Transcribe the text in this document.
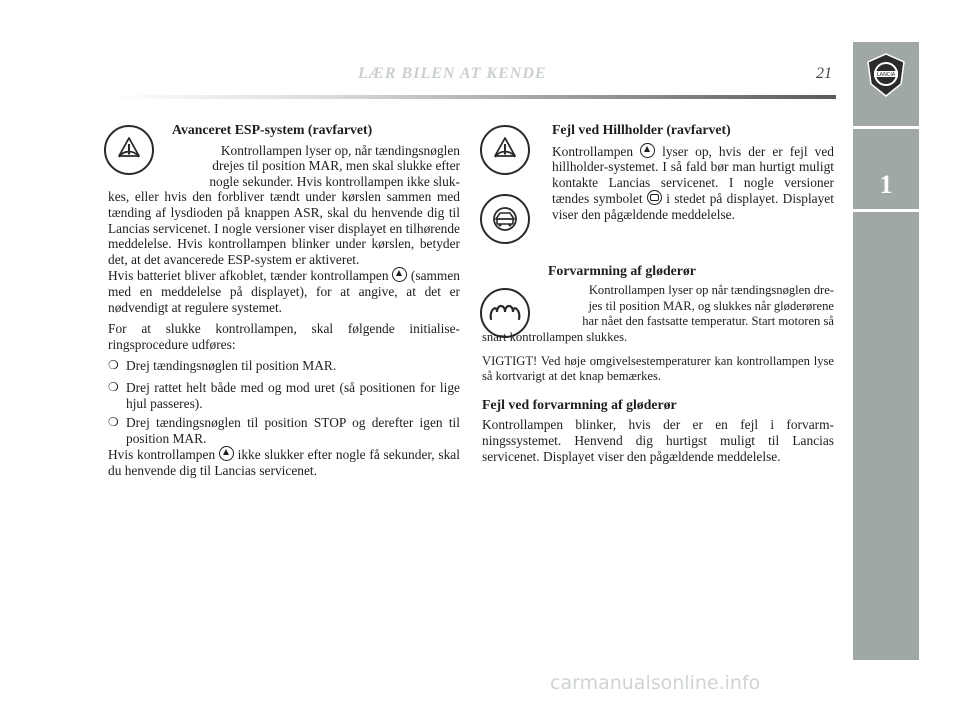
LANCIA
1
LÆR BILEN AT KENDE	21

Avanceret ESP-system (ravfarvet)

Kontrollampen lyser op, når tændingsnøglen

drejes til position MAR, men skal slukke efter

nogle sekunder. Hvis kontrollampen ikke sluk-

kes, eller hvis den forbliver tændt under kørslen sammen med tænding af lysdioden på knappen ASR, skal du henvende dig til Lancias servicenet. I nogle versioner viser displayet en tilhørende meddelelse. Hvis kontrollampen blinker under kørslen, betyder det, at det avancerede ESP-system er aktiveret.

Hvis batteriet bliver afkoblet, tænder kontrollampen (sammen med en meddelelse på displayet), for at angive, at det er nødvendigt at regulere systemet.

For at slukke kontrollampen, skal følgende initialiseringsprocedure udføres:

❍ Drej tændingsnøglen til position MAR.
❍ Drej rattet helt både med og mod uret (så positionen for lige hjul passeres).
❍ Drej tændingsnøglen til position STOP og derefter igen til position MAR.

Hvis kontrollampen ikke slukker efter nogle få sekunder, skal du henvende dig til Lancias servicenet.

Fejl ved Hillholder (ravfarvet)

Kontrollampen lyser op, hvis der er fejl ved hillholder-systemet. I så fald bør man hurtigt muligt kontakte Lancias servicenet. I nogle versioner tændes symbolet i stedet på displayet. Displayet viser den pågældende meddelelse.

Forvarmning af gløderør

Kontrollampen lyser op når tændingsnøglen dre-

jes til position MAR, og slukkes når gløderørene

har nået den fastsatte temperatur. Start motoren så

snart kontrollampen slukkes.

VIGTIGT! Ved høje omgivelsestemperaturer kan kontrollampen lyse så kortvarigt at det knap bemærkes.

Fejl ved forvarmning af gløderør

Kontrollampen blinker, hvis der er en fejl i forvarmningssystemet. Henvend dig hurtigst muligt til Lancias servicenet. Displayet viser den pågældende meddelelse.

carmanualsonline.info
